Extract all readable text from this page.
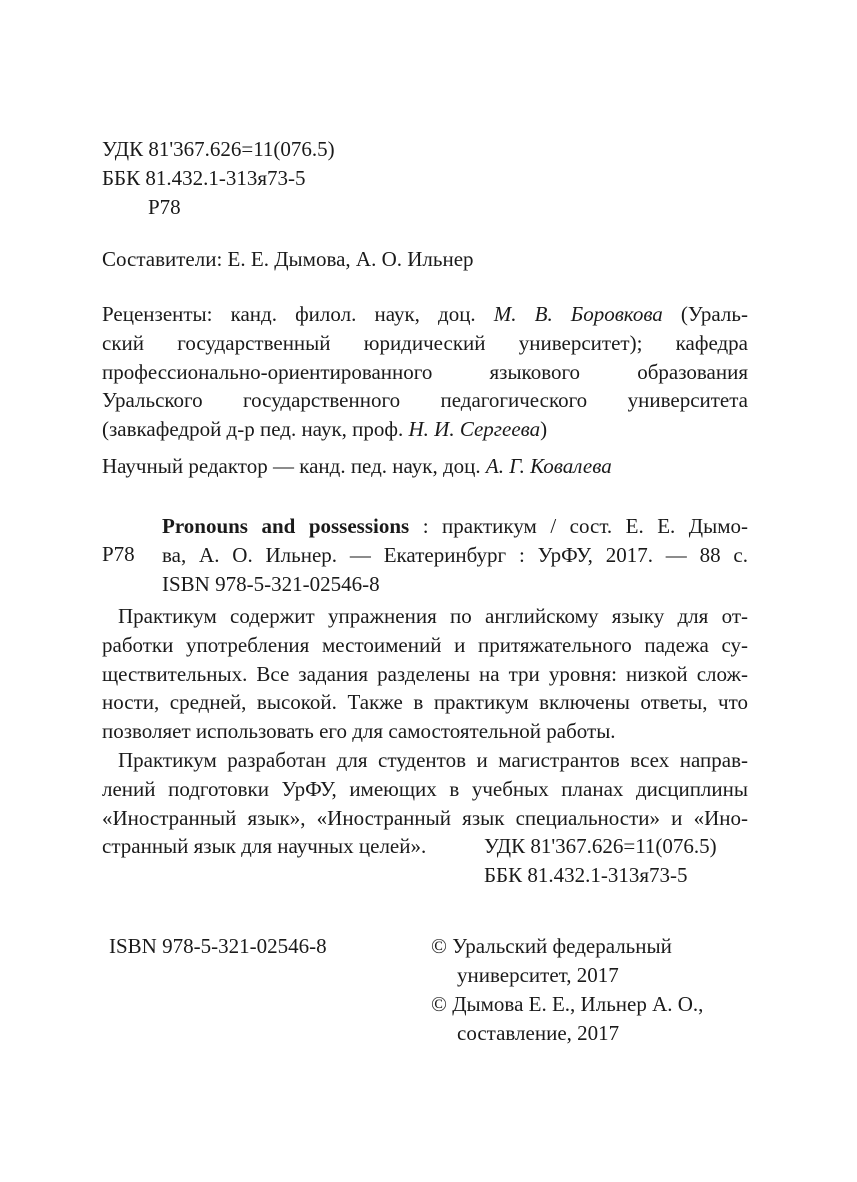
УДК 81'367.626=11(076.5)
ББК 81.432.1-313я73-5
Р78
Составители: Е. Е. Дымова, А. О. Ильнер
Рецензенты: канд. филол. наук, доц. М. В. Боровкова (Ураль-
ский государственный юридический университет); кафедра
профессионально-ориентированного языкового образования
Уральского государственного педагогического университета
(завкафедрой д-р пед. наук, проф. Н. И. Сергеева)
Научный редактор — канд. пед. наук, доц. А. Г. Ковалева
Р78
Pronouns and possessions : практикум / сост. Е. Е. Дымо-
ва, А. О. Ильнер. — Екатеринбург : УрФУ, 2017. — 88 с.
ISBN 978-5-321-02546-8
Практикум содержит упражнения по английскому языку для от-
работки употребления местоимений и притяжательного падежа су-
ществительных. Все задания разделены на три уровня: низкой слож-
ности, средней, высокой. Также в практикум включены ответы, что
позволяет использовать его для самостоятельной работы.
Практикум разработан для студентов и магистрантов всех направ-
лений подготовки УрФУ, имеющих в учебных планах дисциплины
«Иностранный язык», «Иностранный язык специальности» и «Ино-
странный язык для научных целей».	УДК 81'367.626=11(076.5)
ББК 81.432.1-313я73-5
ISBN 978-5-321-02546-8	© Уральский федеральный
университет, 2017
© Дымова Е. Е., Ильнер А. О.,
составление, 2017
